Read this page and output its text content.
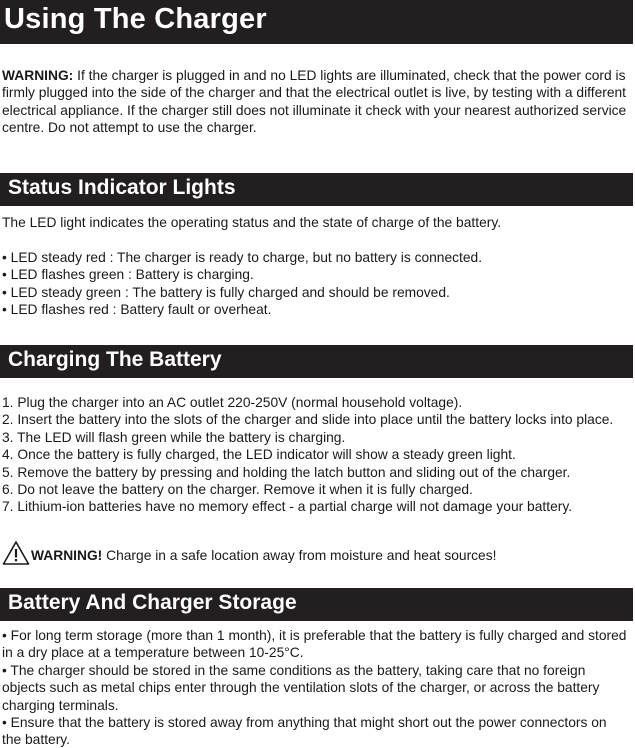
Using The Charger
WARNING: If the charger is plugged in and no LED lights are illuminated, check that the power cord is firmly plugged into the side of the charger and that the electrical outlet is live, by testing with a different electrical appliance. If the charger still does not illuminate it check with your nearest authorized service centre. Do not attempt to use the charger.
Status Indicator Lights
The LED light indicates the operating status and the state of charge of the battery.
• LED steady red : The charger is ready to charge, but no battery is connected.
• LED flashes green : Battery is charging.
• LED steady green : The battery is fully charged and should be removed.
• LED flashes red : Battery fault or overheat.
Charging The Battery
1. Plug the charger into an AC outlet 220-250V (normal household voltage).
2. Insert the battery into the slots of the charger and slide into place until the battery locks into place.
3. The LED will flash green while the battery is charging.
4. Once the battery is fully charged, the LED indicator will show a steady green light.
5. Remove the battery by pressing and holding the latch button and sliding out of the charger.
6. Do not leave the battery on the charger. Remove it when it is fully charged.
7. Lithium-ion batteries have no memory effect - a partial charge will not damage your battery.
WARNING! Charge in a safe location away from moisture and heat sources!
Battery And Charger Storage
• For long term storage (more than 1 month), it is preferable that the battery is fully charged and stored in a dry place at a temperature between 10-25°C.
• The charger should be stored in the same conditions as the battery, taking care that no foreign objects such as metal chips enter through the ventilation slots of the charger, or across the battery charging terminals.
• Ensure that the battery is stored away from anything that might short out the power connectors on the battery.
